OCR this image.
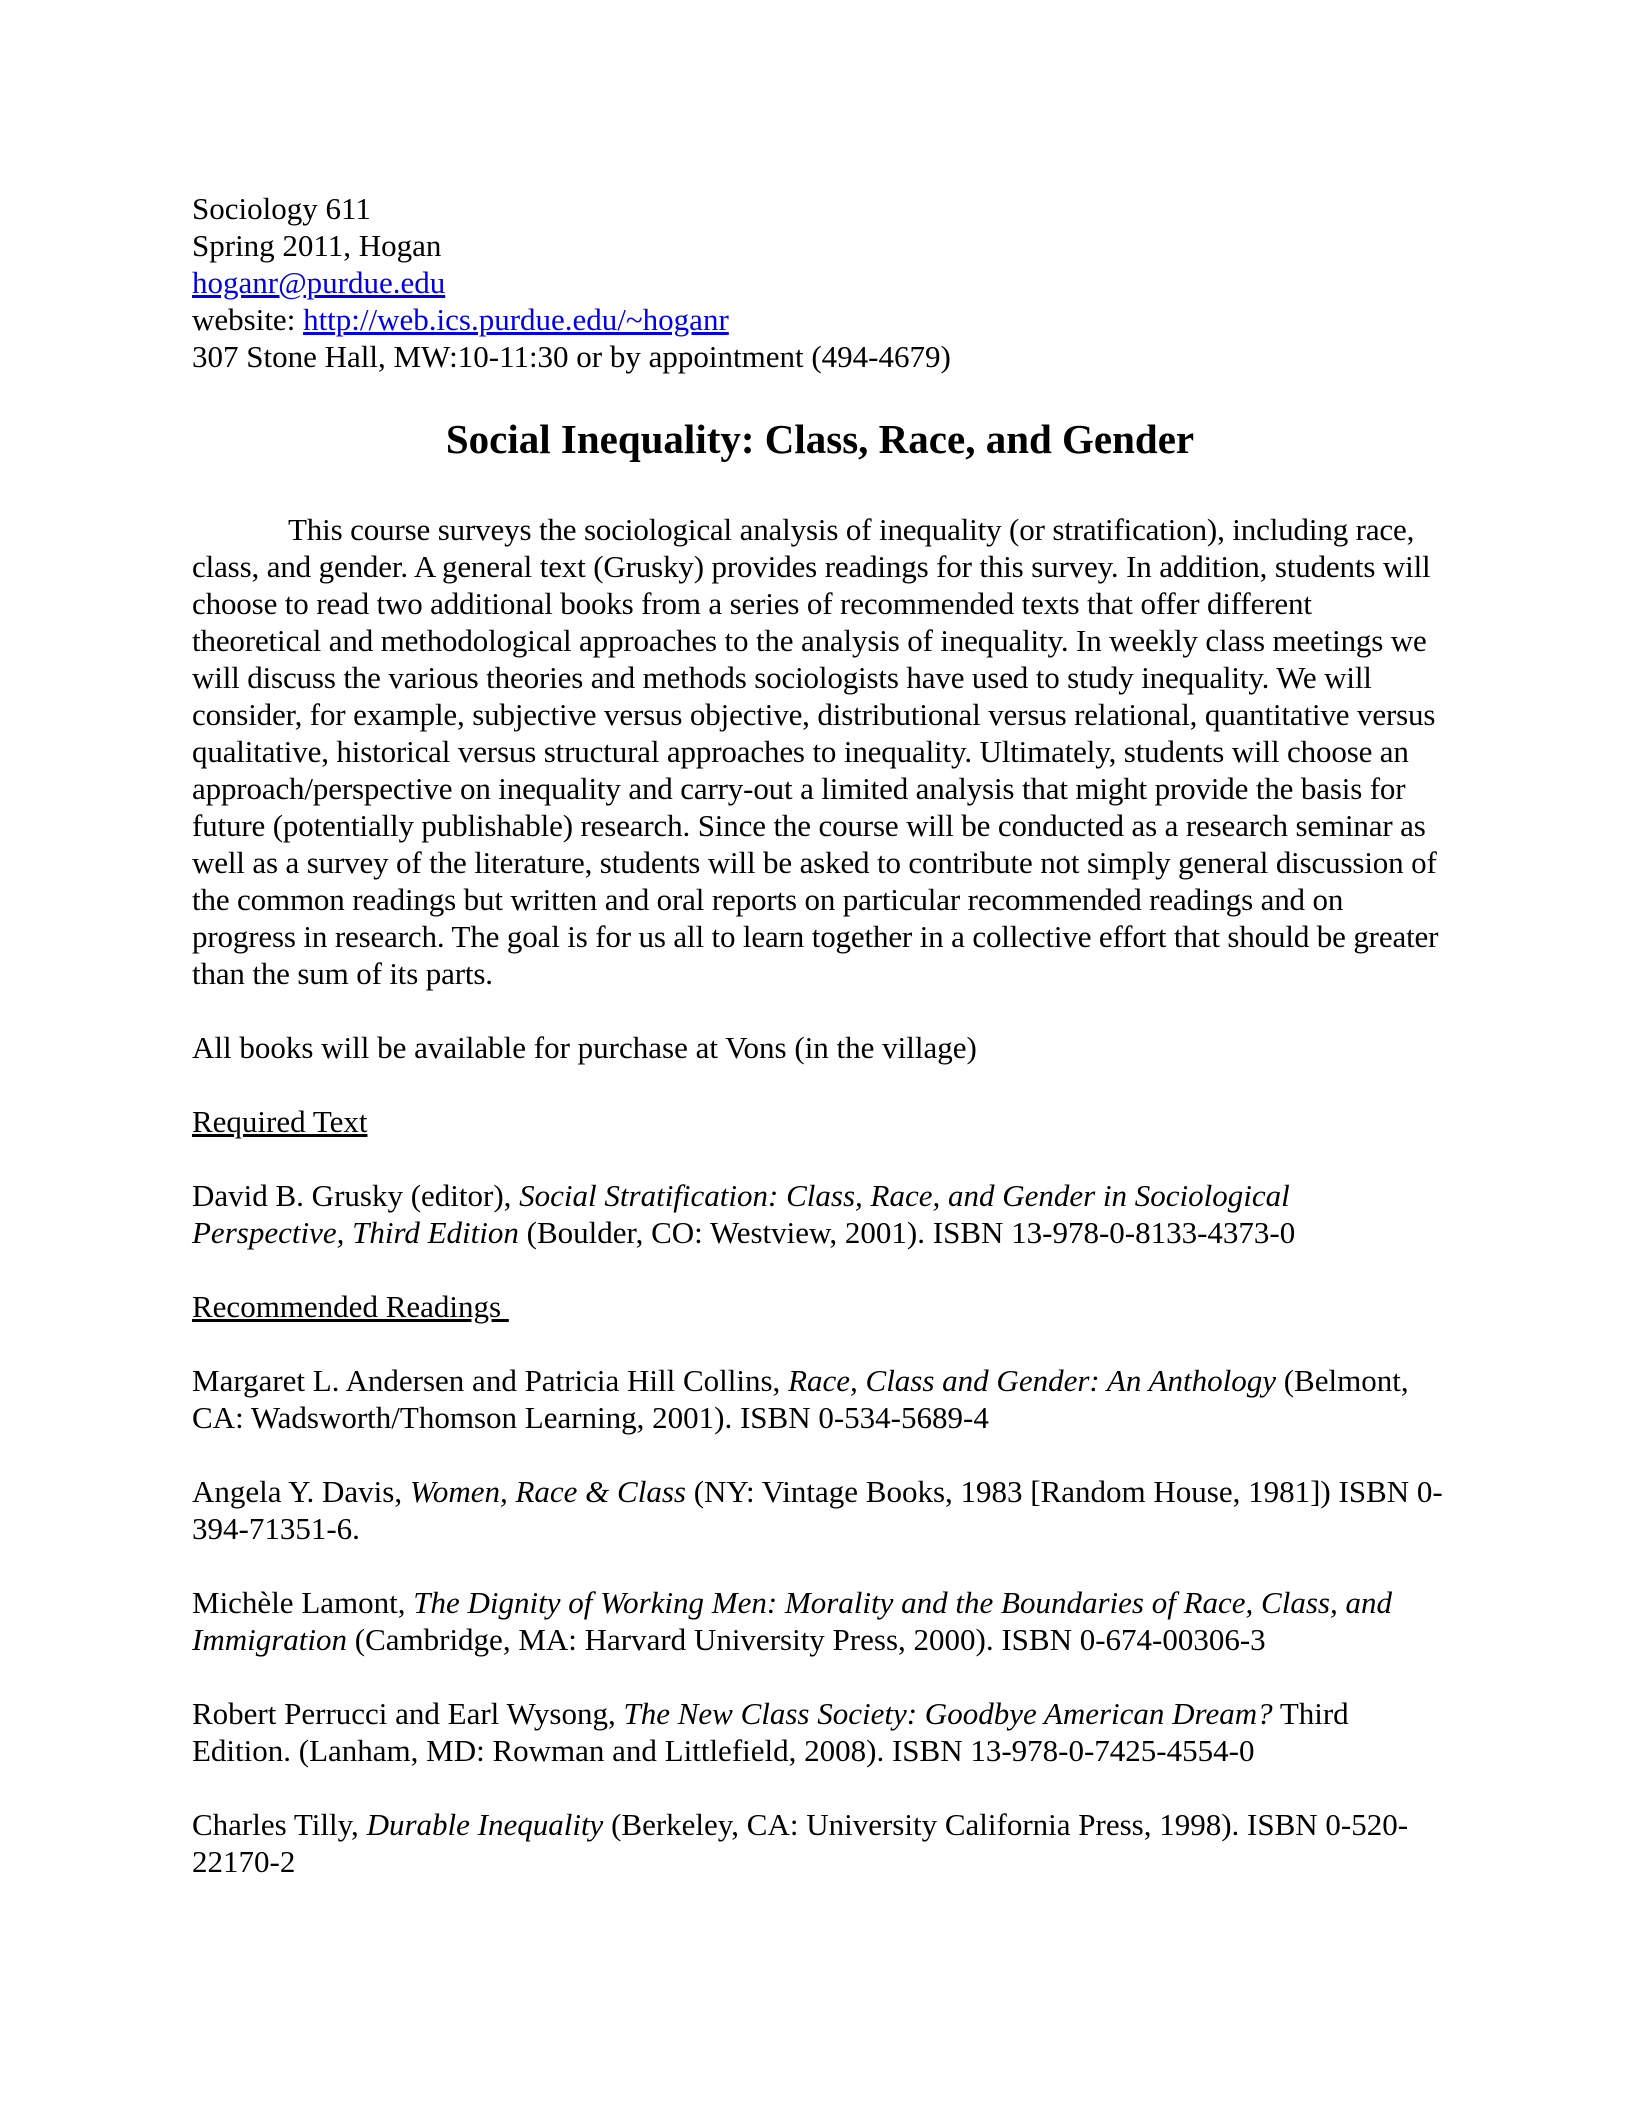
Sociology 611
Spring 2011, Hogan
hoganr@purdue.edu
website: http://web.ics.purdue.edu/~hoganr
307 Stone Hall, MW:10-11:30 or by appointment (494-4679)
Social Inequality: Class, Race, and Gender
This course surveys the sociological analysis of inequality (or stratification), including race, class, and gender. A general text (Grusky) provides readings for this survey. In addition, students will choose to read two additional books from a series of recommended texts that offer different theoretical and methodological approaches to the analysis of inequality. In weekly class meetings we will discuss the various theories and methods sociologists have used to study inequality. We will consider, for example, subjective versus objective, distributional versus relational, quantitative versus qualitative, historical versus structural approaches to inequality. Ultimately, students will choose an approach/perspective on inequality and carry-out a limited analysis that might provide the basis for future (potentially publishable) research. Since the course will be conducted as a research seminar as well as a survey of the literature, students will be asked to contribute not simply general discussion of the common readings but written and oral reports on particular recommended readings and on progress in research. The goal is for us all to learn together in a collective effort that should be greater than the sum of its parts.
All books will be available for purchase at Vons (in the village)
Required Text
David B. Grusky (editor), Social Stratification: Class, Race, and Gender in Sociological Perspective, Third Edition (Boulder, CO: Westview, 2001). ISBN 13-978-0-8133-4373-0
Recommended Readings
Margaret L. Andersen and Patricia Hill Collins, Race, Class and Gender: An Anthology (Belmont, CA: Wadsworth/Thomson Learning, 2001). ISBN 0-534-5689-4
Angela Y. Davis, Women, Race & Class (NY: Vintage Books, 1983 [Random House, 1981]) ISBN 0-394-71351-6.
Michèle Lamont, The Dignity of Working Men: Morality and the Boundaries of Race, Class, and Immigration (Cambridge, MA: Harvard University Press, 2000). ISBN 0-674-00306-3
Robert Perrucci and Earl Wysong, The New Class Society: Goodbye American Dream? Third Edition. (Lanham, MD: Rowman and Littlefield, 2008). ISBN 13-978-0-7425-4554-0
Charles Tilly, Durable Inequality (Berkeley, CA: University California Press, 1998). ISBN 0-520-22170-2
